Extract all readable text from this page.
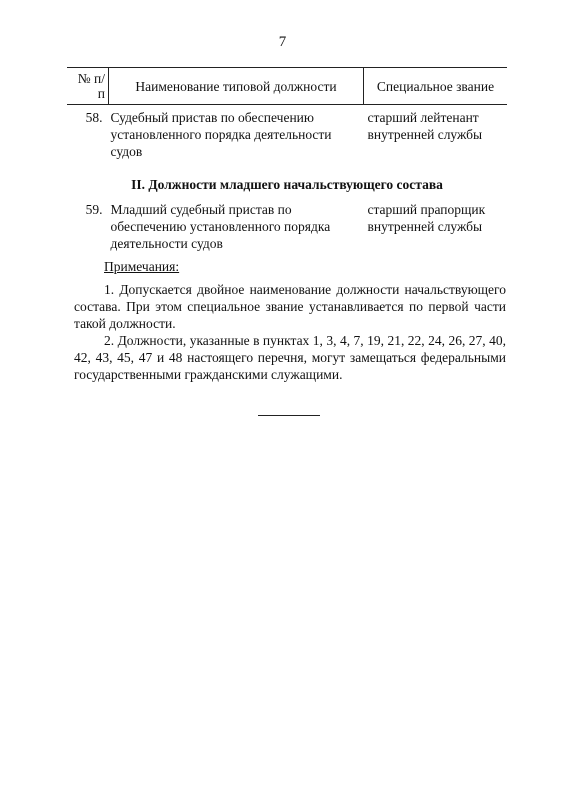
7
№ п/п	Наименование типовой должности	Специальное звание
58.	Судебный пристав по обеспечению установленного порядка деятельности судов	старший лейтенант внутренней службы
II. Должности младшего начальствующего состава		
59.	Младший судебный пристав по обеспечению установленного порядка деятельности судов	старший прапорщик внутренней службы
Примечания:

1. Допускается двойное наименование должности начальствующего состава. При этом специальное звание устанавливается по первой части такой должности.

2. Должности, указанные в пунктах 1, 3, 4, 7, 19, 21, 22, 24, 26, 27, 40, 42, 43, 45, 47 и 48 настоящего перечня, могут замещаться федеральными государственными гражданскими служащими.
